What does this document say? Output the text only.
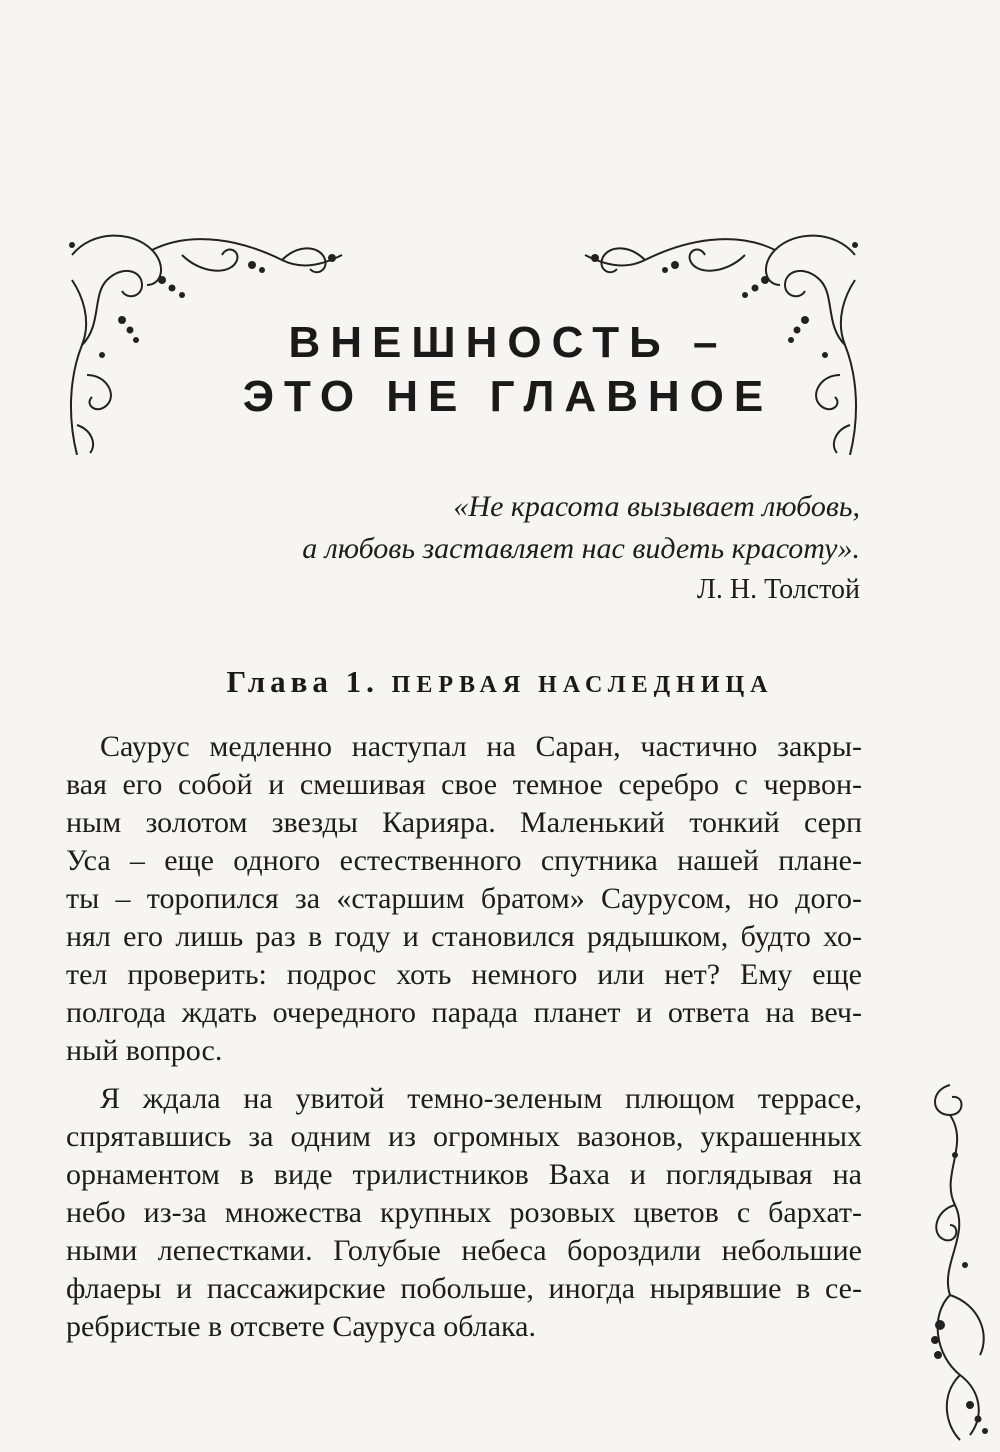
ВНЕШНОСТЬ –
ЭТО НЕ ГЛАВНОЕ
«Не красота вызывает любовь,
а любовь заставляет нас видеть красоту».
Л. Н. Толстой
Глава 1. ПЕРВАЯ НАСЛЕДНИЦА
Саурус медленно наступал на Саран, частично закры-
вая его собой и смешивая свое темное серебро с червон-
ным золотом звезды Карияра. Маленький тонкий серп
Уса – еще одного естественного спутника нашей плане-
ты – торопился за «старшим братом» Саурусом, но дого-
нял его лишь раз в году и становился рядышком, будто хо-
тел проверить: подрос хоть немного или нет? Ему еще
полгода ждать очередного парада планет и ответа на веч-
ный вопрос.
Я ждала на увитой темно-зеленым плющом террасе,
спрятавшись за одним из огромных вазонов, украшенных
орнаментом в виде трилистников Ваха и поглядывая на
небо из-за множества крупных розовых цветов с бархат-
ными лепестками. Голубые небеса бороздили небольшие
флаеры и пассажирские побольше, иногда нырявшие в се-
ребристые в отсвете Сауруса облака.
